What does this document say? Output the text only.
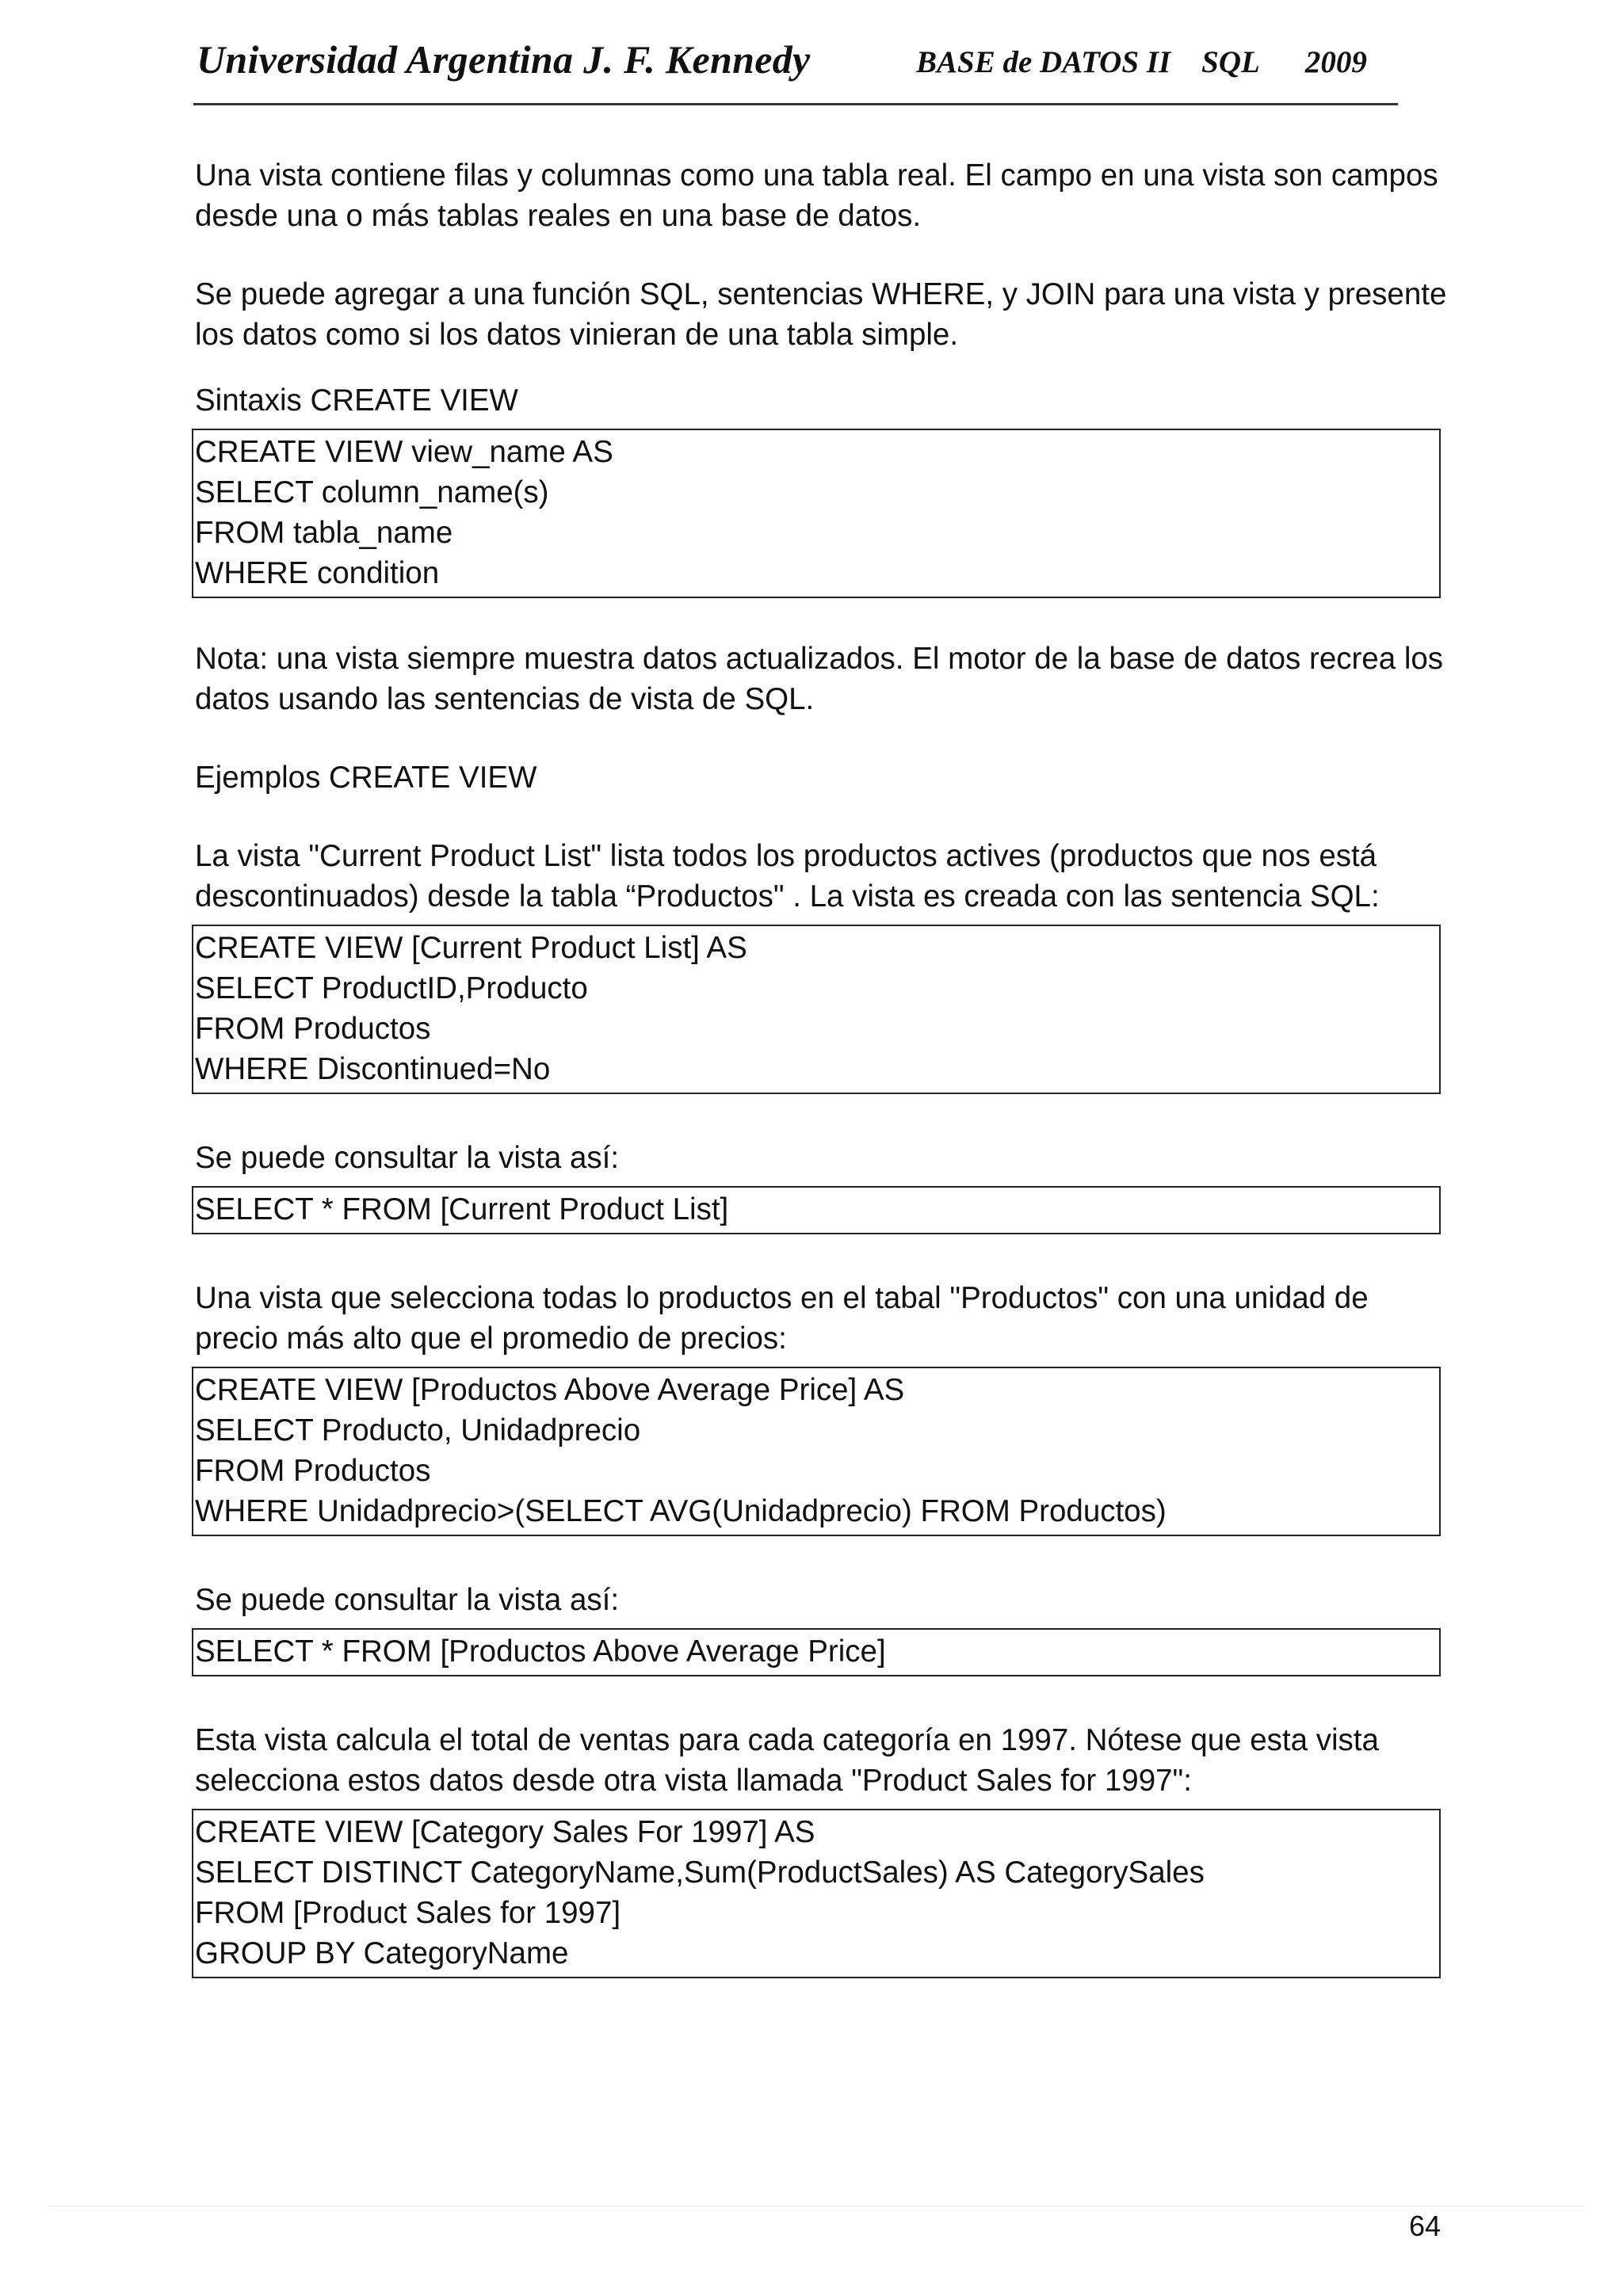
Universidad Argentina J. F. Kennedy	BASE de DATOS II    SQL      2009

Una vista contiene filas y columnas como una tabla real. El campo en una vista son campos desde una o más tablas reales en una base de datos.

Se puede agregar a una función SQL, sentencias WHERE, y JOIN para una vista y presente los datos como si los datos vinieran de una tabla simple.

Sintaxis CREATE VIEW

CREATE VIEW view_name AS
SELECT column_name(s)
FROM tabla_name
WHERE condition

Nota: una vista siempre muestra datos actualizados. El motor de la base de datos recrea los datos usando las sentencias de vista de SQL.

Ejemplos CREATE VIEW

La vista "Current Product List" lista todos los productos actives (productos que nos está descontinuados) desde la tabla “Productos" . La vista es creada con las sentencia SQL:

CREATE VIEW [Current Product List] AS
SELECT ProductID,Producto
FROM Productos
WHERE Discontinued=No

Se puede consultar la vista así:

SELECT * FROM [Current Product List]

Una vista que selecciona todas lo productos en el tabal "Productos" con una unidad de precio más alto que el promedio de precios:

CREATE VIEW [Productos Above Average Price] AS
SELECT Producto, Unidadprecio
FROM Productos
WHERE Unidadprecio>(SELECT AVG(Unidadprecio) FROM Productos)

Se puede consultar la vista así:

SELECT * FROM [Productos Above Average Price]

Esta vista calcula el total de ventas para cada categoría en 1997. Nótese que esta vista selecciona estos datos desde otra vista llamada "Product Sales for 1997":

CREATE VIEW [Category Sales For 1997] AS
SELECT DISTINCT CategoryName,Sum(ProductSales) AS CategorySales
FROM [Product Sales for 1997]
GROUP BY CategoryName
64
